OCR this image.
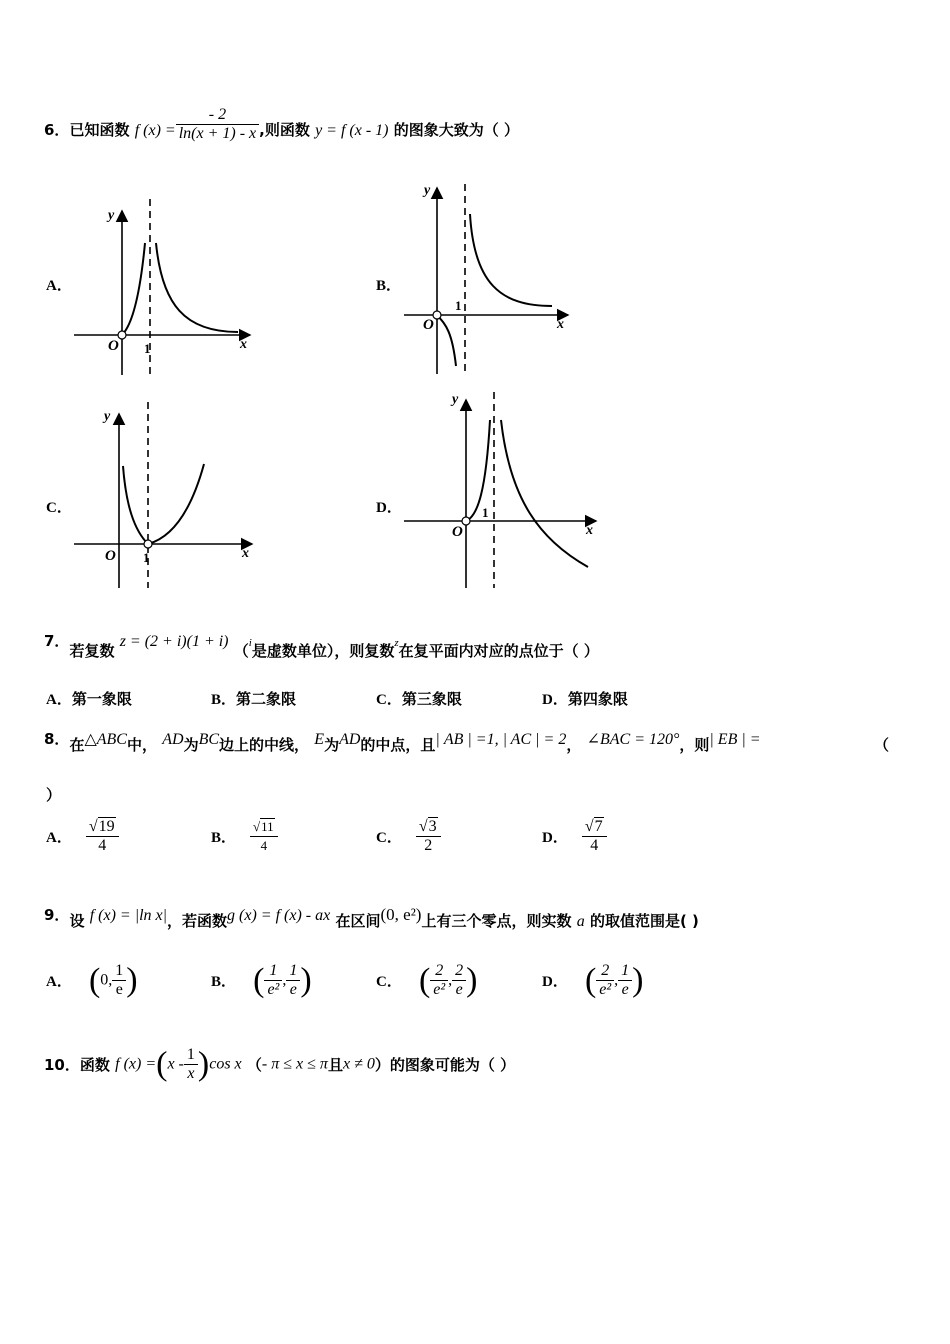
6．已知函数 f $(x) = \frac{- 2}{\ln(x + 1) - x}$ ,则函数 y = f (x - 1) 的图象大致为（ ）
A．
y
x
O 1
B．
y
x
O
1
C．
y
x
O 1
D．
y
x
O
1
7．若复数 z = (2 + i)(1 + i) （i是虚数单位），则复数z在复平面内对应的点位于（ ）
A．第一象限	B．第二象限	C．第三象限	D．第四象限
8．在△ABC中， AD为BC边上的中线， E为AD的中点，且| AB | =1, | AC | = 2， ∠BAC = 120°，则| EB | =	（
）
A． $\frac{√19}{4}$	B． $\frac{√11}{4}$	C． $\frac{√3}{2}$	D． $\frac{√7}{4}$
9．设 f (x) = |ln x|，若函数g (x) = f (x) - ax 在区间(0, e²)上有三个零点，则实数 a 的取值范围是( )
A． (0, $\frac{1}{e}$ )	B． ( $\frac{1}{\text{e²}}$ , $\frac{1}{e}$ )	C． ( $\frac{2}{\text{e²}}$ , $\frac{2}{e}$ )	D． ( $\frac{2}{\text{e²}}$ , $\frac{1}{e}$ )
10．函数 f $(x) =(x - \frac{1}{x} )\cos$ x （- π ≤ x ≤ π且x ≠ 0）的图象可能为（ ）
